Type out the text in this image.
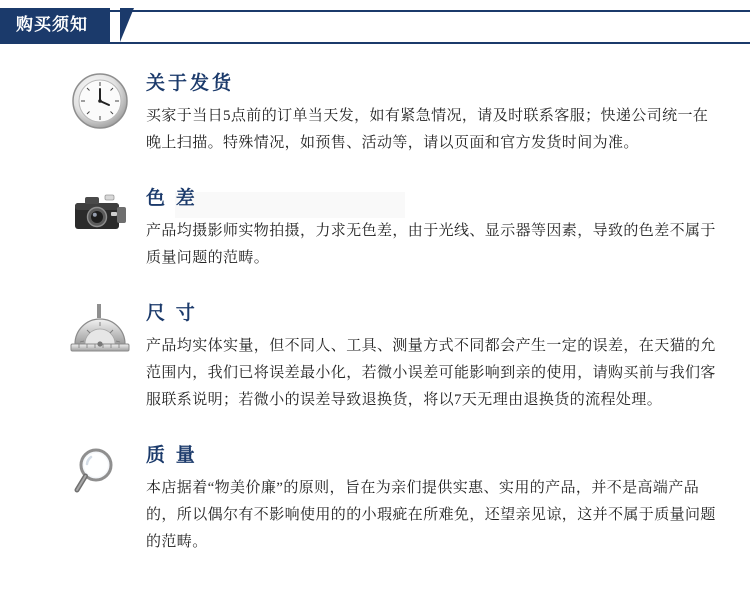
购买须知
关于发货

买家于当日5点前的订单当天发，如有紧急情况，请及时联系客服；快递公司统一在晚上扫描。特殊情况，如预售、活动等，请以页面和官方发货时间为准。

色 差

产品均摄影师实物拍摄，力求无色差，由于光线、显示器等因素，导致的色差不属于质量问题的范畴。

尺 寸

产品均实体实量，但不同人、工具、测量方式不同都会产生一定的误差，在天猫的允范围内，我们已将误差最小化，若微小误差可能影响到亲的使用，请购买前与我们客服联系说明；若微小的误差导致退换货，将以7天无理由退换货的流程处理。

质 量

本店据着“物美价廉”的原则，旨在为亲们提供实惠、实用的产品，并不是高端产品的，所以偶尔有不影响使用的的小瑕疵在所难免，还望亲见谅，这并不属于质量问题的范畴。
